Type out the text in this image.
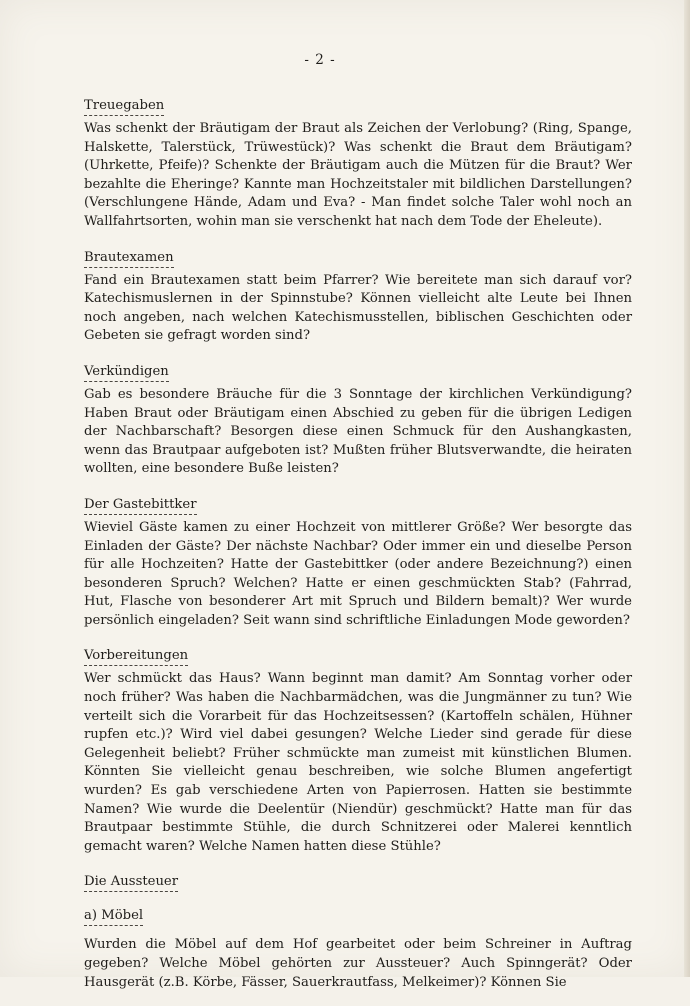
- 2 -
Treuegaben

Was schenkt der Bräutigam der Braut als Zeichen der Verlobung? (Ring, Spange, Halskette, Talerstück, Trüwestück)? Was schenkt die Braut dem Bräutigam? (Uhrkette, Pfeife)? Schenkte der Bräutigam auch die Mützen für die Braut? Wer bezahlte die Eheringe? Kannte man Hochzeitstaler mit bildlichen Darstellungen? (Verschlungene Hände, Adam und Eva? - Man findet solche Taler wohl noch an Wallfahrtsorten, wohin man sie verschenkt hat nach dem Tode der Eheleute).

Brautexamen

Fand ein Brautexamen statt beim Pfarrer? Wie bereitete man sich darauf vor? Katechismuslernen in der Spinnstube? Können vielleicht alte Leute bei Ihnen noch angeben, nach welchen Katechismusstellen, biblischen Geschichten oder Gebeten sie gefragt worden sind?

Verkündigen

Gab es besondere Bräuche für die 3 Sonntage der kirchlichen Verkündigung? Haben Braut oder Bräutigam einen Abschied zu geben für die übrigen Ledigen der Nachbarschaft? Besorgen diese einen Schmuck für den Aushangkasten, wenn das Brautpaar aufgeboten ist? Mußten früher Blutsverwandte, die heiraten wollten, eine besondere Buße leisten?

Der Gastebittker

Wieviel Gäste kamen zu einer Hochzeit von mittlerer Größe? Wer besorgte das Einladen der Gäste? Der nächste Nachbar? Oder immer ein und dieselbe Person für alle Hochzeiten? Hatte der Gastebittker (oder andere Bezeichnung?) einen besonderen Spruch? Welchen? Hatte er einen geschmückten Stab? (Fahrrad, Hut, Flasche von besonderer Art mit Spruch und Bildern bemalt)? Wer wurde persönlich eingeladen? Seit wann sind schriftliche Einladungen Mode geworden?

Vorbereitungen

Wer schmückt das Haus? Wann beginnt man damit? Am Sonntag vorher oder noch früher? Was haben die Nachbarmädchen, was die Jungmänner zu tun? Wie verteilt sich die Vorarbeit für das Hochzeitsessen? (Kartoffeln schälen, Hühner rupfen etc.)? Wird viel dabei gesungen? Welche Lieder sind gerade für diese Gelegenheit beliebt? Früher schmückte man zumeist mit künstlichen Blumen. Könnten Sie vielleicht genau beschreiben, wie solche Blumen angefertigt wurden? Es gab verschiedene Arten von Papierrosen. Hatten sie bestimmte Namen? Wie wurde die Deelentür (Niendür) geschmückt? Hatte man für das Brautpaar bestimmte Stühle, die durch Schnitzerei oder Malerei kenntlich gemacht waren? Welche Namen hatten diese Stühle?

Die Aussteuer
a) Möbel

Wurden die Möbel auf dem Hof gearbeitet oder beim Schreiner in Auftrag gegeben? Welche Möbel gehörten zur Aussteuer? Auch Spinngerät? Oder Hausgerät (z.B. Körbe, Fässer, Sauerkrautfass, Melkeimer)? Können Sie
